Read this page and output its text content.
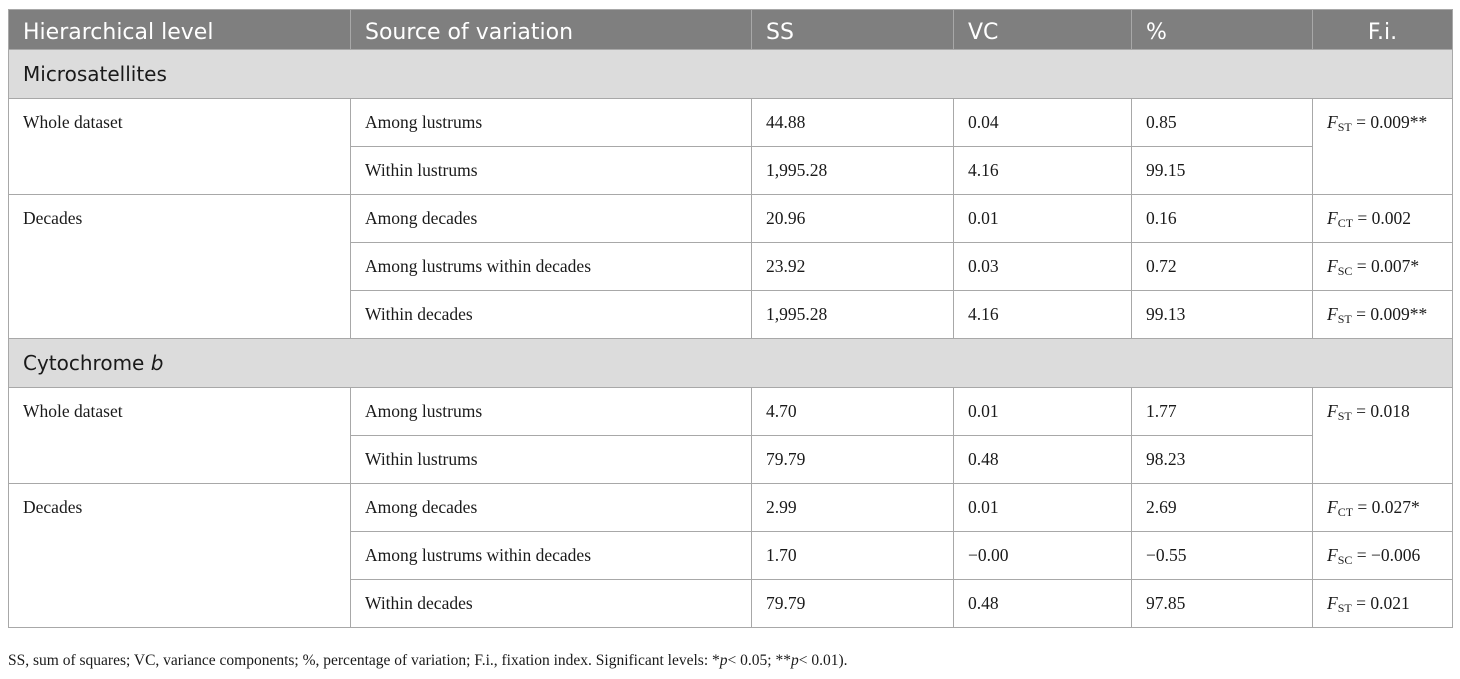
Hierarchical level	Source of variation	SS	VC	%	F.i.
Microsatellites					
Whole dataset	Among lustrums	44.88	0.04	0.85	$F_{ST} = 0.009**$
	Within lustrums	1,995.28	4.16	99.15	
Decades	Among decades	20.96	0.01	0.16	$F_{CT} = 0.002$
	Among lustrums within decades	23.92	0.03	0.72	$F_{SC} = 0.007*$
	Within decades	1,995.28	4.16	99.13	$F_{ST} = 0.009**$
Cytochrome b					
Whole dataset	Among lustrums	4.70	0.01	1.77	$F_{ST} = 0.018$
	Within lustrums	79.79	0.48	98.23	
Decades	Among decades	2.99	0.01	2.69	$F_{CT} = 0.027*$
	Among lustrums within decades	1.70	−0.00	−0.55	$F_{SC} = -0.006$
	Within decades	79.79	0.48	97.85	$F_{ST} = 0.021$
SS, sum of squares; VC, variance components; %, percentage of variation; F.i., fixation index. Significant levels: *p< 0.05; **p< 0.01).
